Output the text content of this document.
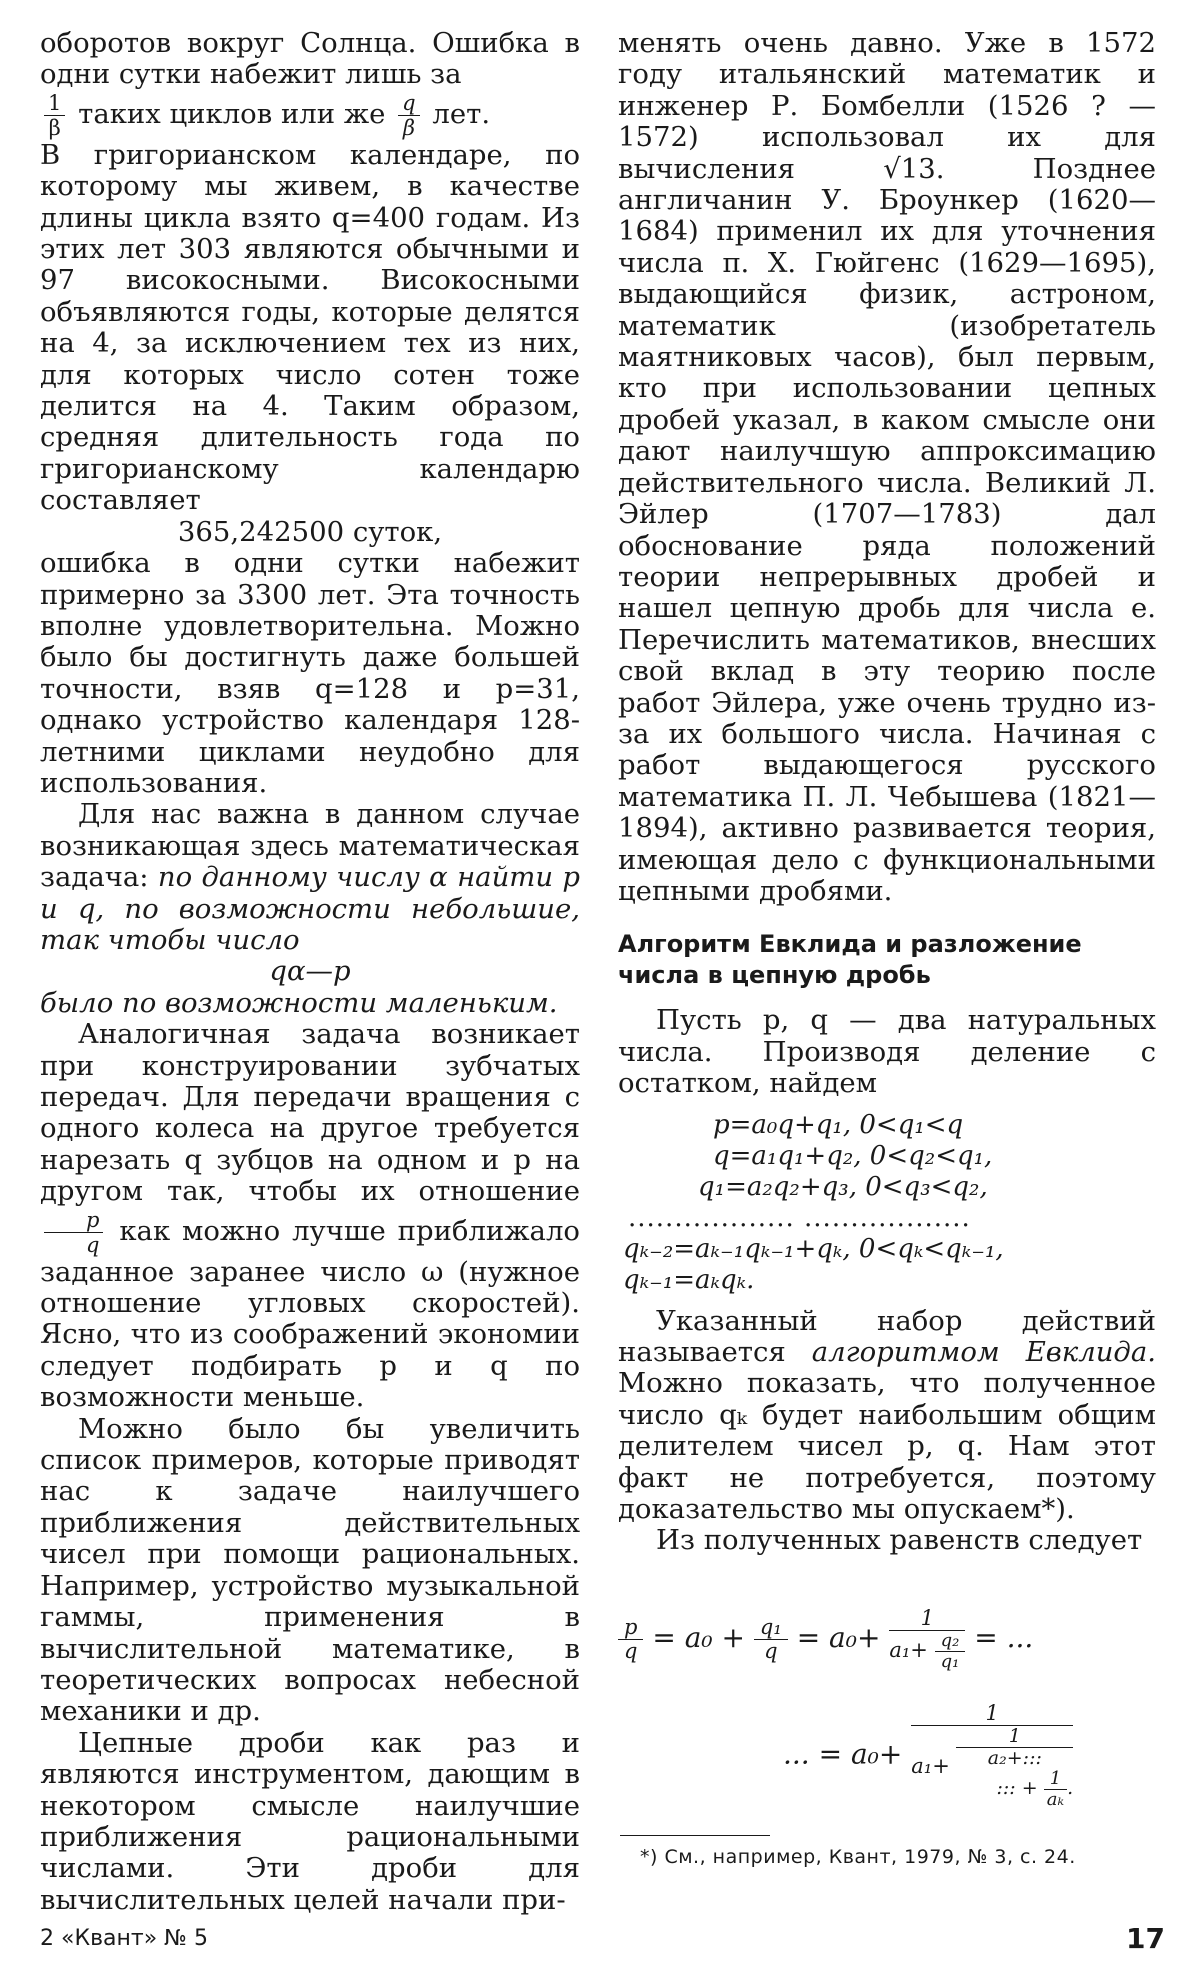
оборотов вокруг Солнца. Ошибка в одни сутки набежит лишь за

$\frac{1}{\beta}$ таких циклов или же $\frac{q}{\beta}$ лет.

В григорианском календаре, по которому мы живем, в качестве длины цикла взято q=400 годам. Из этих лет 303 являются обычными и 97 високосными. Високосными объявляются годы, которые делятся на 4, за исключением тех из них, для которых число сотен тоже делится на 4. Таким образом, средняя длительность года по григорианскому календарю составляет

365,242500 суток,

ошибка в одни сутки набежит примерно за 3300 лет. Эта точность вполне удовлетворительна. Можно было бы достигнуть даже большей точности, взяв q=128 и p=31, однако устройство календаря 128-летними циклами неудобно для использования.

Для нас важна в данном случае возникающая здесь математическая задача: по данному числу α найти p и q, по возможности небольшие, так чтобы число

qα—p

было по возможности маленьким.

Аналогичная задача возникает при конструировании зубчатых передач. Для передачи вращения с одного колеса на другое требуется нарезать q зубцов на одном и p на другом так, чтобы их отношение
$\frac{p}{q}$ как можно лучше приближало заданное заранее число ω (нужное отношение угловых скоростей). Ясно, что из соображений экономии следует подбирать p и q по возможности меньше.

Можно было бы увеличить список примеров, которые приводят нас к задаче наилучшего приближения действительных чисел при помощи рациональных. Например, устройство музыкальной гаммы, применения в вычислительной математике, в теоретических вопросах небесной механики и др.

Цепные дроби как раз и являются инструментом, дающим в некотором смысле наилучшие приближения рациональными числами. Эти дроби для вычислительных целей начали при-

менять очень давно. Уже в 1572 году итальянский математик и инженер Р. Бомбелли (1526 ? —1572) использовал их для вычисления √13. Позднее англичанин У. Броункер (1620—1684) применил их для уточнения числа π. Х. Гюйгенс (1629—1695), выдающийся физик, астроном, математик (изобретатель маятниковых часов), был первым, кто при использовании цепных дробей указал, в каком смысле они дают наилучшую аппроксимацию действительного числа. Великий Л. Эйлер (1707—1783) дал обоснование ряда положений теории непрерывных дробей и нашел цепную дробь для числа e. Перечислить математиков, внесших свой вклад в эту теорию после работ Эйлера, уже очень трудно из-за их большого числа. Начиная с работ выдающегося русского математика П. Л. Чебышева (1821—1894), активно развивается теория, имеющая дело с функциональными цепными дробями.

Алгоритм Евклида и разложение числа в цепную дробь

Пусть p, q — два натуральных числа. Производя деление с остатком, найдем

p=a₀q+q₁, 0<q₁<q
q=a₁q₁+q₂, 0<q₂<q₁,
q₁=a₂q₂+q₃, 0<q₃<q₂,
.................. ..................
qₖ₋₂=aₖ₋₁qₖ₋₁+qₖ, 0<qₖ<qₖ₋₁,
qₖ₋₁=aₖqₖ.

Указанный набор действий называется алгоритмом Евклида. Можно показать, что полученное число qₖ будет наибольшим общим делителем чисел p, q. Нам этот факт не потребуется, поэтому доказательство мы опускаем*).

Из полученных равенств следует

$\frac{p}{q} = a_0 + \frac{\text{q₁}}{q} = a_0+ \frac{1}{a_1+ \frac{\text{q₂}}{\text{q₁}}}$ = ...
... = a₀+
1
a₁+
1
a₂+:::
::: + $\frac{1}{\text{aₖ}}$.
*) См., например, Квант, 1979, № 3, с. 24.
2 «Квант» № 5	17
